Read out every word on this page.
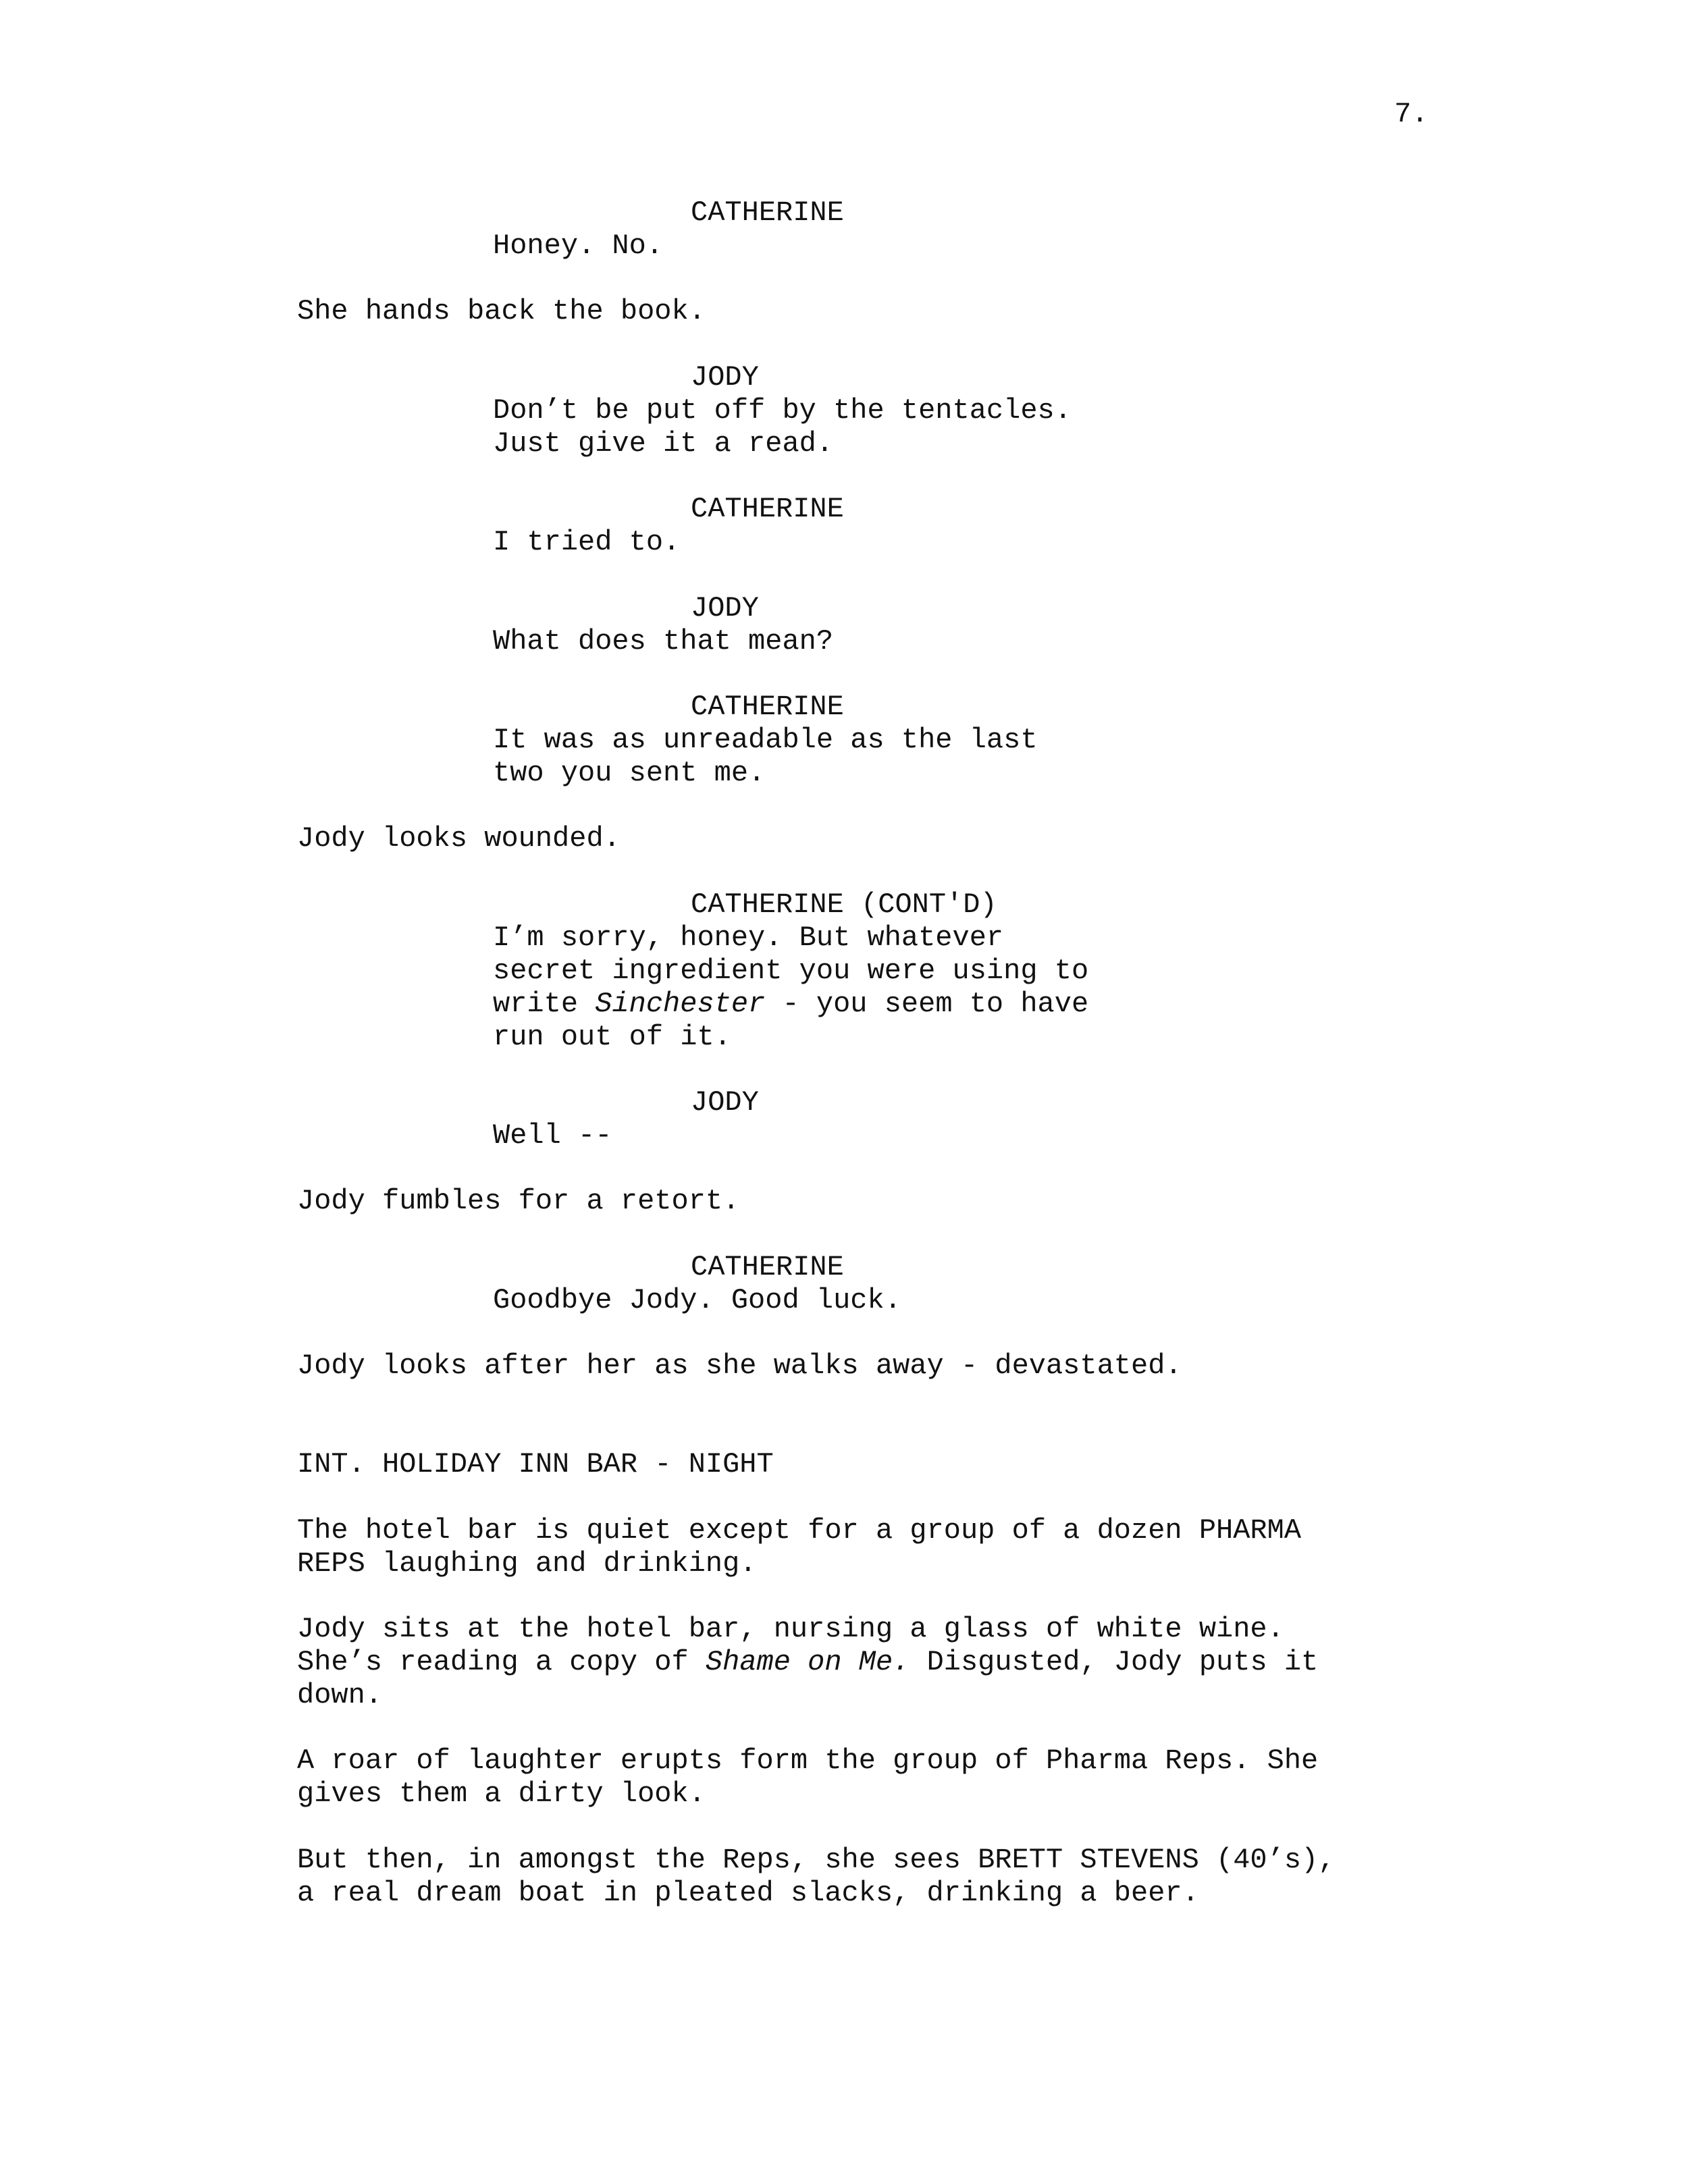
7.
CATHERINE
Honey. No.
She hands back the book.
JODY
Don’t be put off by the tentacles.
Just give it a read.
CATHERINE
I tried to.
JODY
What does that mean?
CATHERINE
It was as unreadable as the last
two you sent me.
Jody looks wounded.
CATHERINE (CONT'D)
I’m sorry, honey. But whatever
secret ingredient you were using to
write Sinchester - you seem to have
run out of it.
JODY
Well --
Jody fumbles for a retort.
CATHERINE
Goodbye Jody. Good luck.
Jody looks after her as she walks away - devastated.
INT. HOLIDAY INN BAR - NIGHT
The hotel bar is quiet except for a group of a dozen PHARMA
REPS laughing and drinking.
Jody sits at the hotel bar, nursing a glass of white wine.
She’s reading a copy of Shame on Me. Disgusted, Jody puts it
down.
A roar of laughter erupts form the group of Pharma Reps. She
gives them a dirty look.
But then, in amongst the Reps, she sees BRETT STEVENS (40’s),
a real dream boat in pleated slacks, drinking a beer.
